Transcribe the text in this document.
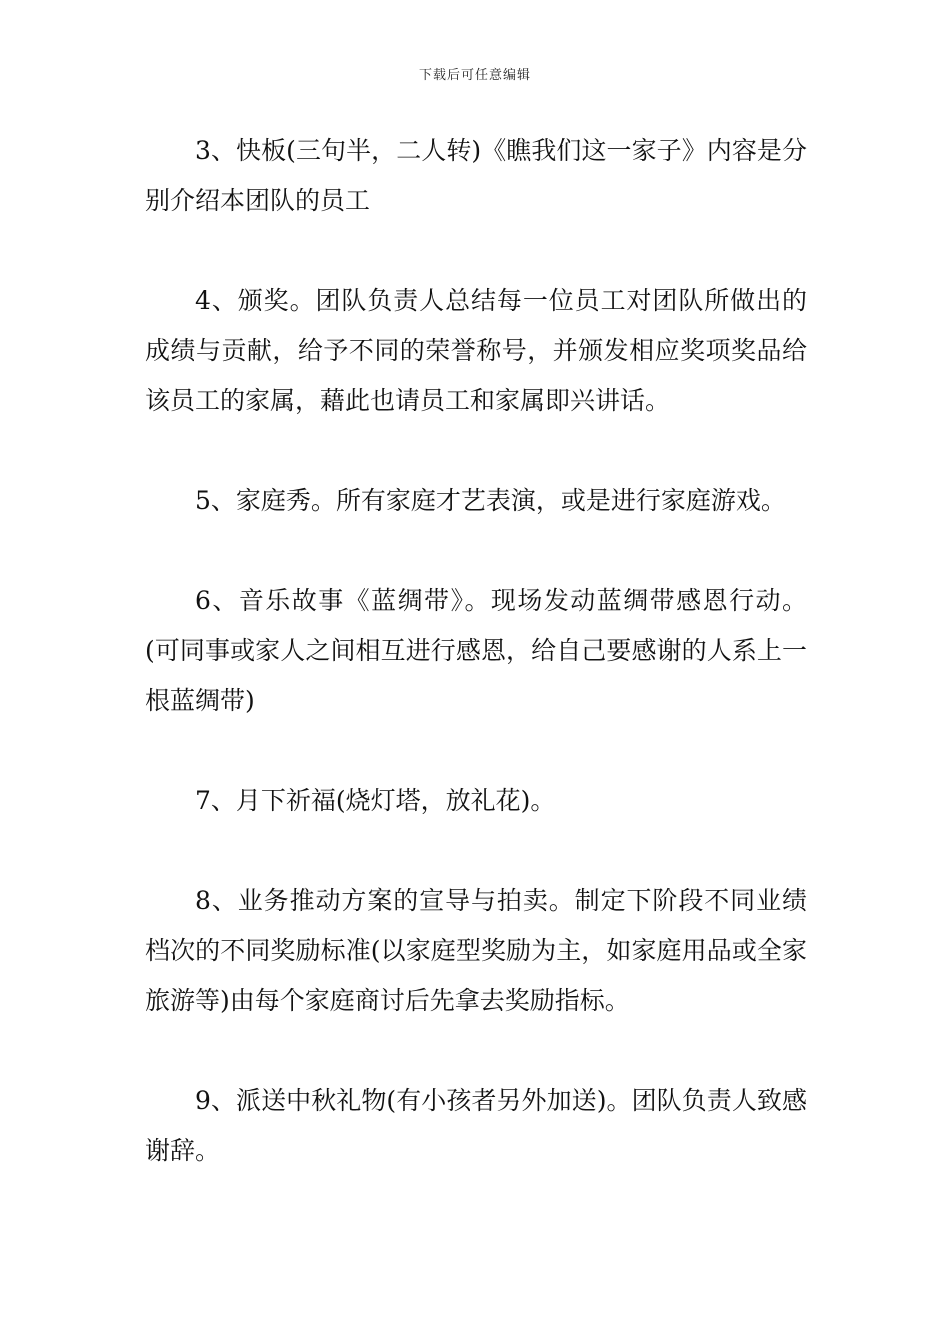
下载后可任意编辑

3、快板(三句半，二人转)《瞧我们这一家子》内容是分别介绍本团队的员工

4、颁奖。团队负责人总结每一位员工对团队所做出的成绩与贡献，给予不同的荣誉称号，并颁发相应奖项奖品给该员工的家属，藉此也请员工和家属即兴讲话。

5、家庭秀。所有家庭才艺表演，或是进行家庭游戏。

6、音乐故事《蓝绸带》。现场发动蓝绸带感恩行动。(可同事或家人之间相互进行感恩，给自己要感谢的人系上一根蓝绸带)

7、月下祈福(烧灯塔，放礼花)。

8、业务推动方案的宣导与拍卖。制定下阶段不同业绩档次的不同奖励标准(以家庭型奖励为主，如家庭用品或全家旅游等)由每个家庭商讨后先拿去奖励指标。

9、派送中秋礼物(有小孩者另外加送)。团队负责人致感谢辞。
